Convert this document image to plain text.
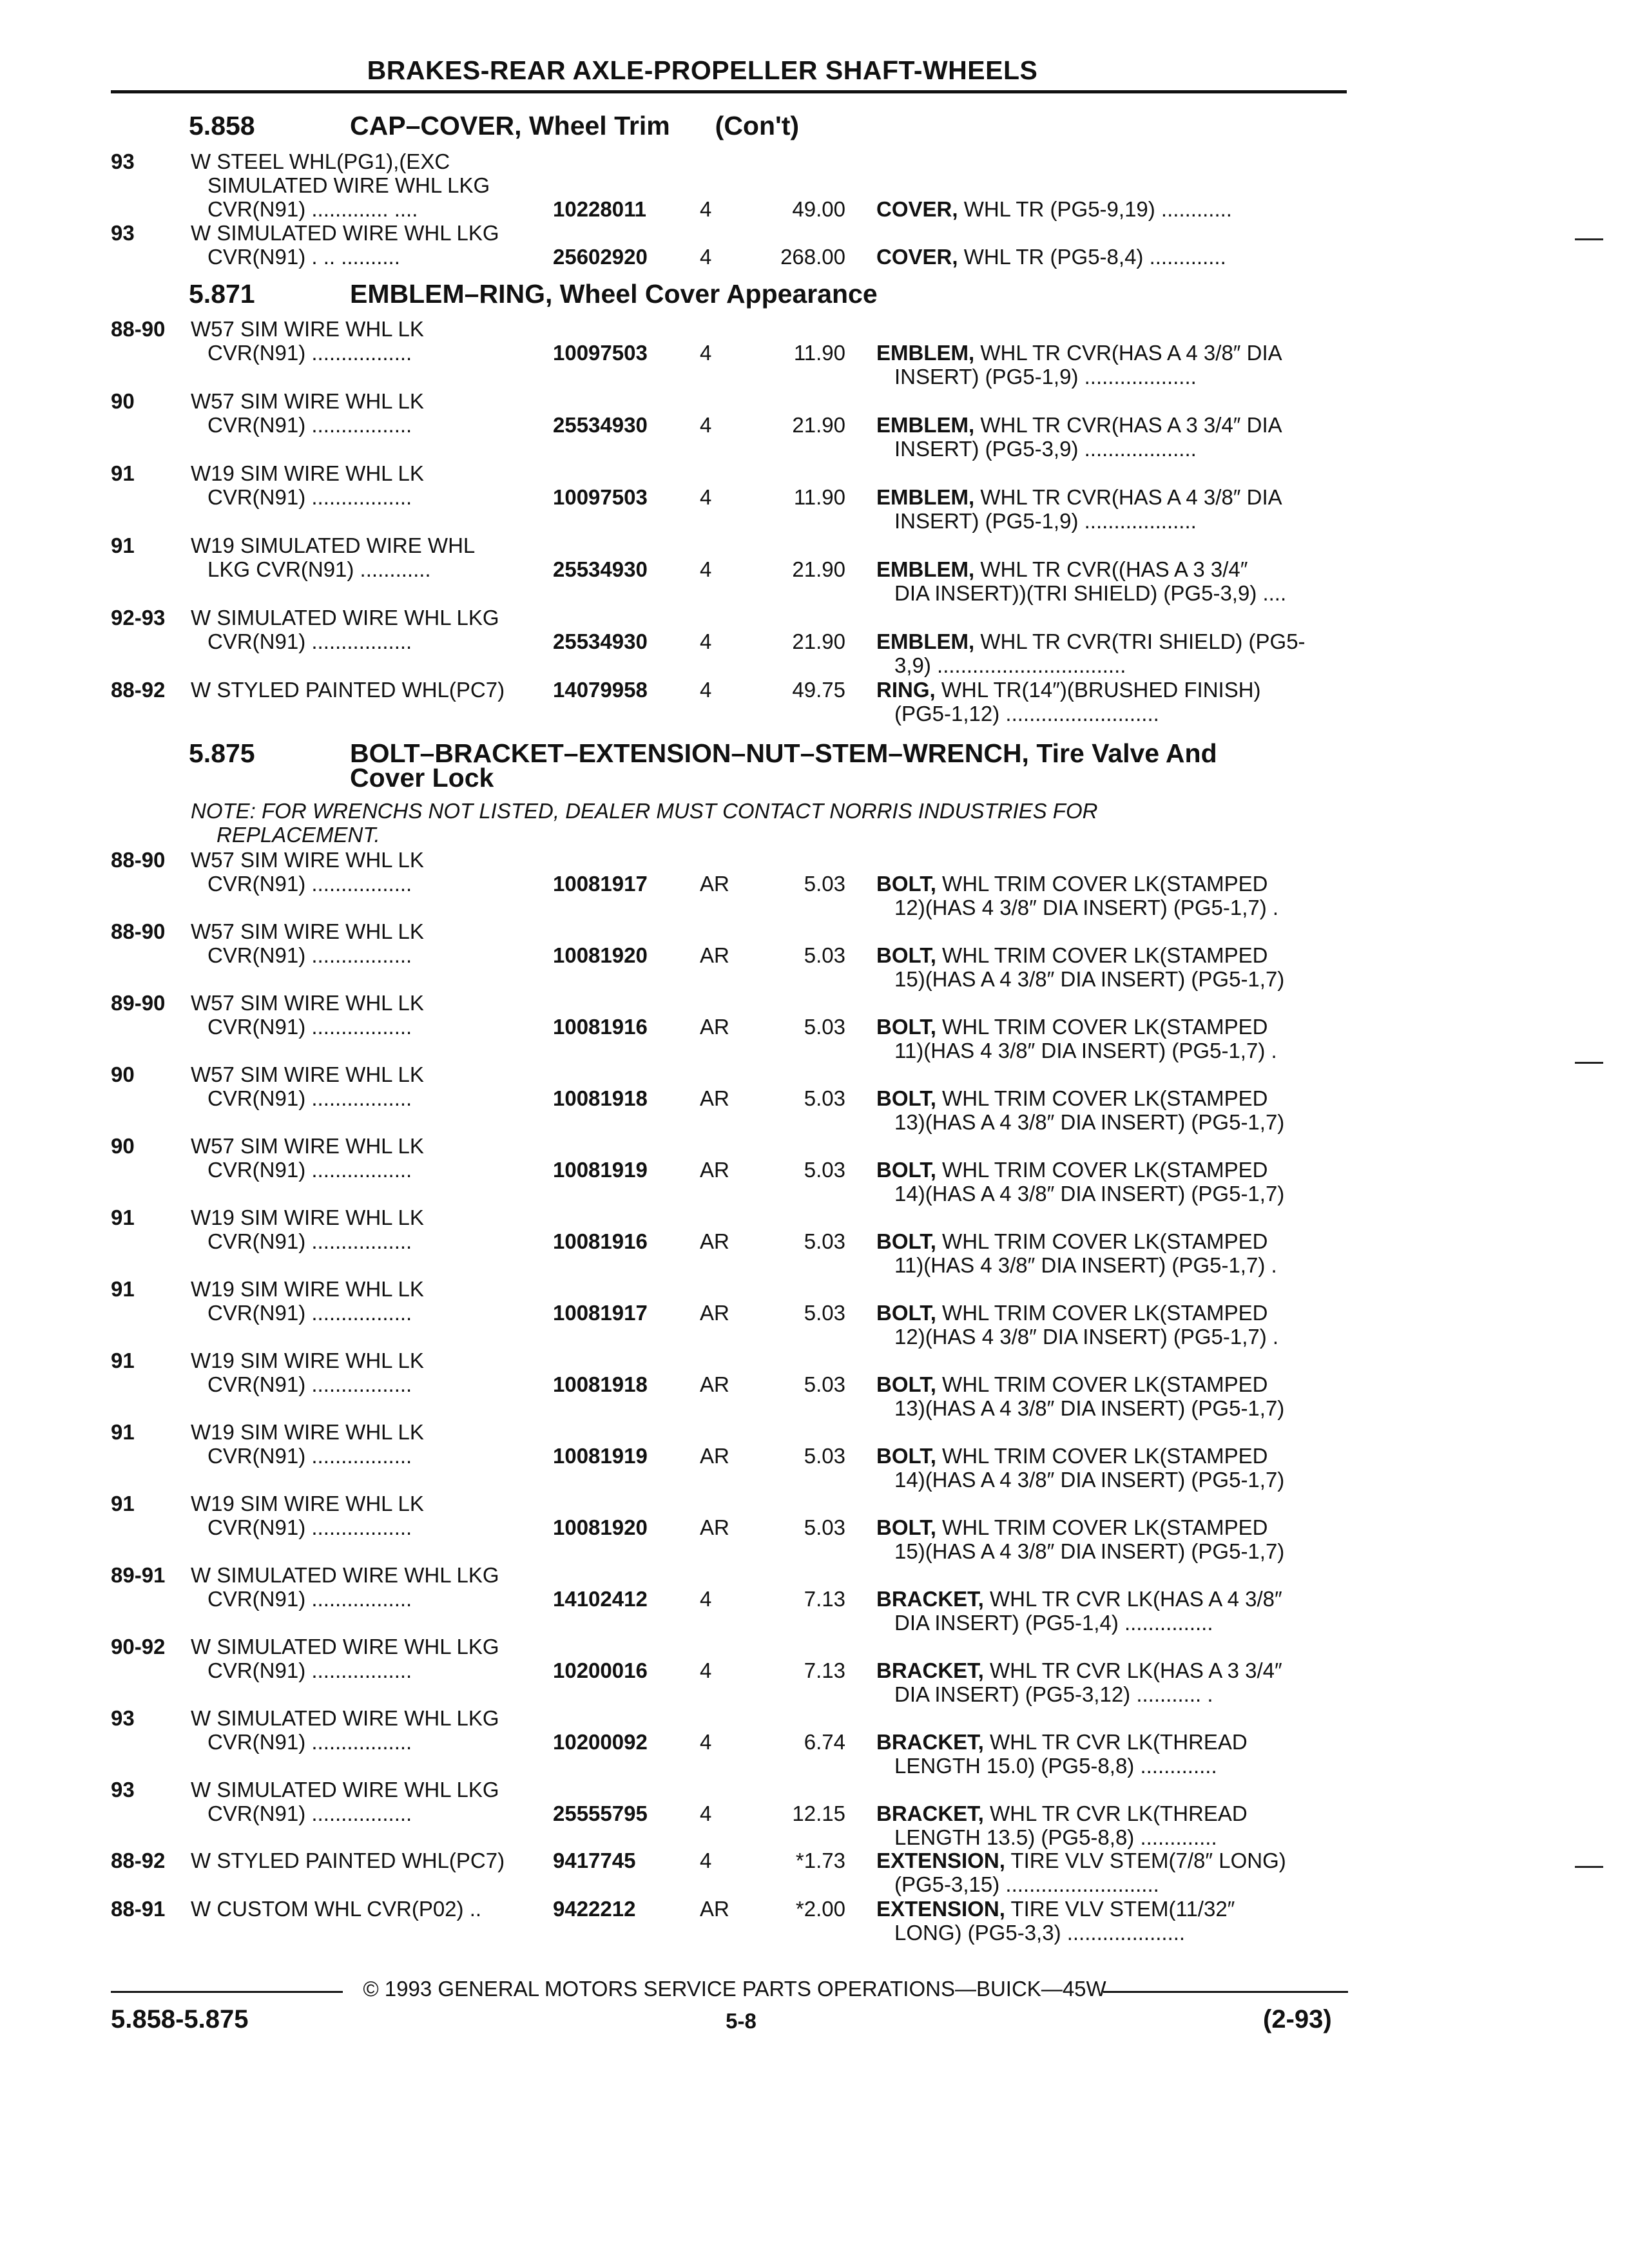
BRAKES-REAR AXLE-PROPELLER SHAFT-WHEELS
5.858	CAP–COVER, Wheel Trim (Con't)
93	W STEEL WHL(PG1),(EXC
SIMULATED WIRE WHL LKG
CVR(N91) ............. ....	10228011	4	49.00 COVER, WHL TR (PG5-9,19) ............
93	W SIMULATED WIRE WHL LKG
CVR(N91) . .. ..........	25602920 4	268.00 COVER, WHL TR (PG5-8,4) .............
5.871	EMBLEM–RING, Wheel Cover Appearance
88-90 W57 SIM WIRE WHL LK
CVR(N91) .................	10097503 4	11.90 EMBLEM, WHL TR CVR(HAS A 4 3/8″ DIA
INSERT) (PG5-1,9) ...................
90	W57 SIM WIRE WHL LK
CVR(N91) .................	25534930 4	21.90 EMBLEM, WHL TR CVR(HAS A 3 3/4″ DIA
INSERT) (PG5-3,9) ...................
91	W19 SIM WIRE WHL LK
CVR(N91) .................	10097503 4	11.90 EMBLEM, WHL TR CVR(HAS A 4 3/8″ DIA
INSERT) (PG5-1,9) ...................
91	W19 SIMULATED WIRE WHL
LKG CVR(N91) ............	25534930 4	21.90 EMBLEM, WHL TR CVR((HAS A 3 3/4″
DIA INSERT))(TRI SHIELD) (PG5-3,9) ....
92-93 W SIMULATED WIRE WHL LKG
CVR(N91) .................	25534930 4	21.90 EMBLEM, WHL TR CVR(TRI SHIELD) (PG5-
3,9) ................................
88-92 W STYLED PAINTED WHL(PC7) 14079958 4	49.75 RING, WHL TR(14″)(BRUSHED FINISH)
(PG5-1,12) ..........................
5.875	BOLT–BRACKET–EXTENSION–NUT–STEM–WRENCH, Tire Valve And
Cover Lock
NOTE: FOR WRENCHS NOT LISTED, DEALER MUST CONTACT NORRIS INDUSTRIES FOR
REPLACEMENT.
88-90 W57 SIM WIRE WHL LK
CVR(N91) .................	10081917 AR	5.03 BOLT, WHL TRIM COVER LK(STAMPED
12)(HAS 4 3/8″ DIA INSERT) (PG5-1,7) .
88-90 W57 SIM WIRE WHL LK
CVR(N91) .................	10081920 AR	5.03 BOLT, WHL TRIM COVER LK(STAMPED
15)(HAS A 4 3/8″ DIA INSERT) (PG5-1,7)
89-90 W57 SIM WIRE WHL LK
CVR(N91) .................	10081916 AR	5.03 BOLT, WHL TRIM COVER LK(STAMPED
11)(HAS 4 3/8″ DIA INSERT) (PG5-1,7) .
90	W57 SIM WIRE WHL LK
CVR(N91) .................	10081918 AR	5.03 BOLT, WHL TRIM COVER LK(STAMPED
13)(HAS A 4 3/8″ DIA INSERT) (PG5-1,7)
90	W57 SIM WIRE WHL LK
CVR(N91) .................	10081919 AR	5.03 BOLT, WHL TRIM COVER LK(STAMPED
14)(HAS A 4 3/8″ DIA INSERT) (PG5-1,7)
91	W19 SIM WIRE WHL LK
CVR(N91) .................	10081916 AR	5.03 BOLT, WHL TRIM COVER LK(STAMPED
11)(HAS 4 3/8″ DIA INSERT) (PG5-1,7) .
91	W19 SIM WIRE WHL LK
CVR(N91) .................	10081917 AR	5.03 BOLT, WHL TRIM COVER LK(STAMPED
12)(HAS 4 3/8″ DIA INSERT) (PG5-1,7) .
91	W19 SIM WIRE WHL LK
CVR(N91) .................	10081918 AR	5.03 BOLT, WHL TRIM COVER LK(STAMPED
13)(HAS A 4 3/8″ DIA INSERT) (PG5-1,7)
91	W19 SIM WIRE WHL LK
CVR(N91) .................	10081919 AR	5.03 BOLT, WHL TRIM COVER LK(STAMPED
14)(HAS A 4 3/8″ DIA INSERT) (PG5-1,7)
91	W19 SIM WIRE WHL LK
CVR(N91) .................	10081920 AR	5.03 BOLT, WHL TRIM COVER LK(STAMPED
15)(HAS A 4 3/8″ DIA INSERT) (PG5-1,7)
89-91 W SIMULATED WIRE WHL LKG
CVR(N91) .................	14102412 4	7.13 BRACKET, WHL TR CVR LK(HAS A 4 3/8″
DIA INSERT) (PG5-1,4) ...............
90-92 W SIMULATED WIRE WHL LKG
CVR(N91) .................	10200016 4	7.13 BRACKET, WHL TR CVR LK(HAS A 3 3/4″
DIA INSERT) (PG5-3,12) ........... .
93	W SIMULATED WIRE WHL LKG
CVR(N91) .................	10200092 4	6.74 BRACKET, WHL TR CVR LK(THREAD
LENGTH 15.0) (PG5-8,8) .............
93	W SIMULATED WIRE WHL LKG
CVR(N91) .................	25555795 4	12.15 BRACKET, WHL TR CVR LK(THREAD
LENGTH 13.5) (PG5-8,8) .............
88-92 W STYLED PAINTED WHL(PC7) 9417745	4	*1.73 EXTENSION, TIRE VLV STEM(7/8″ LONG)
(PG5-3,15) ..........................
88-91 W CUSTOM WHL CVR(P02) ..	9422212	AR	*2.00 EXTENSION, TIRE VLV STEM(11/32″
LONG) (PG5-3,3) ....................
© 1993 GENERAL MOTORS SERVICE PARTS OPERATIONS—BUICK—45W
5.858-5.875	5-8	(2-93)
